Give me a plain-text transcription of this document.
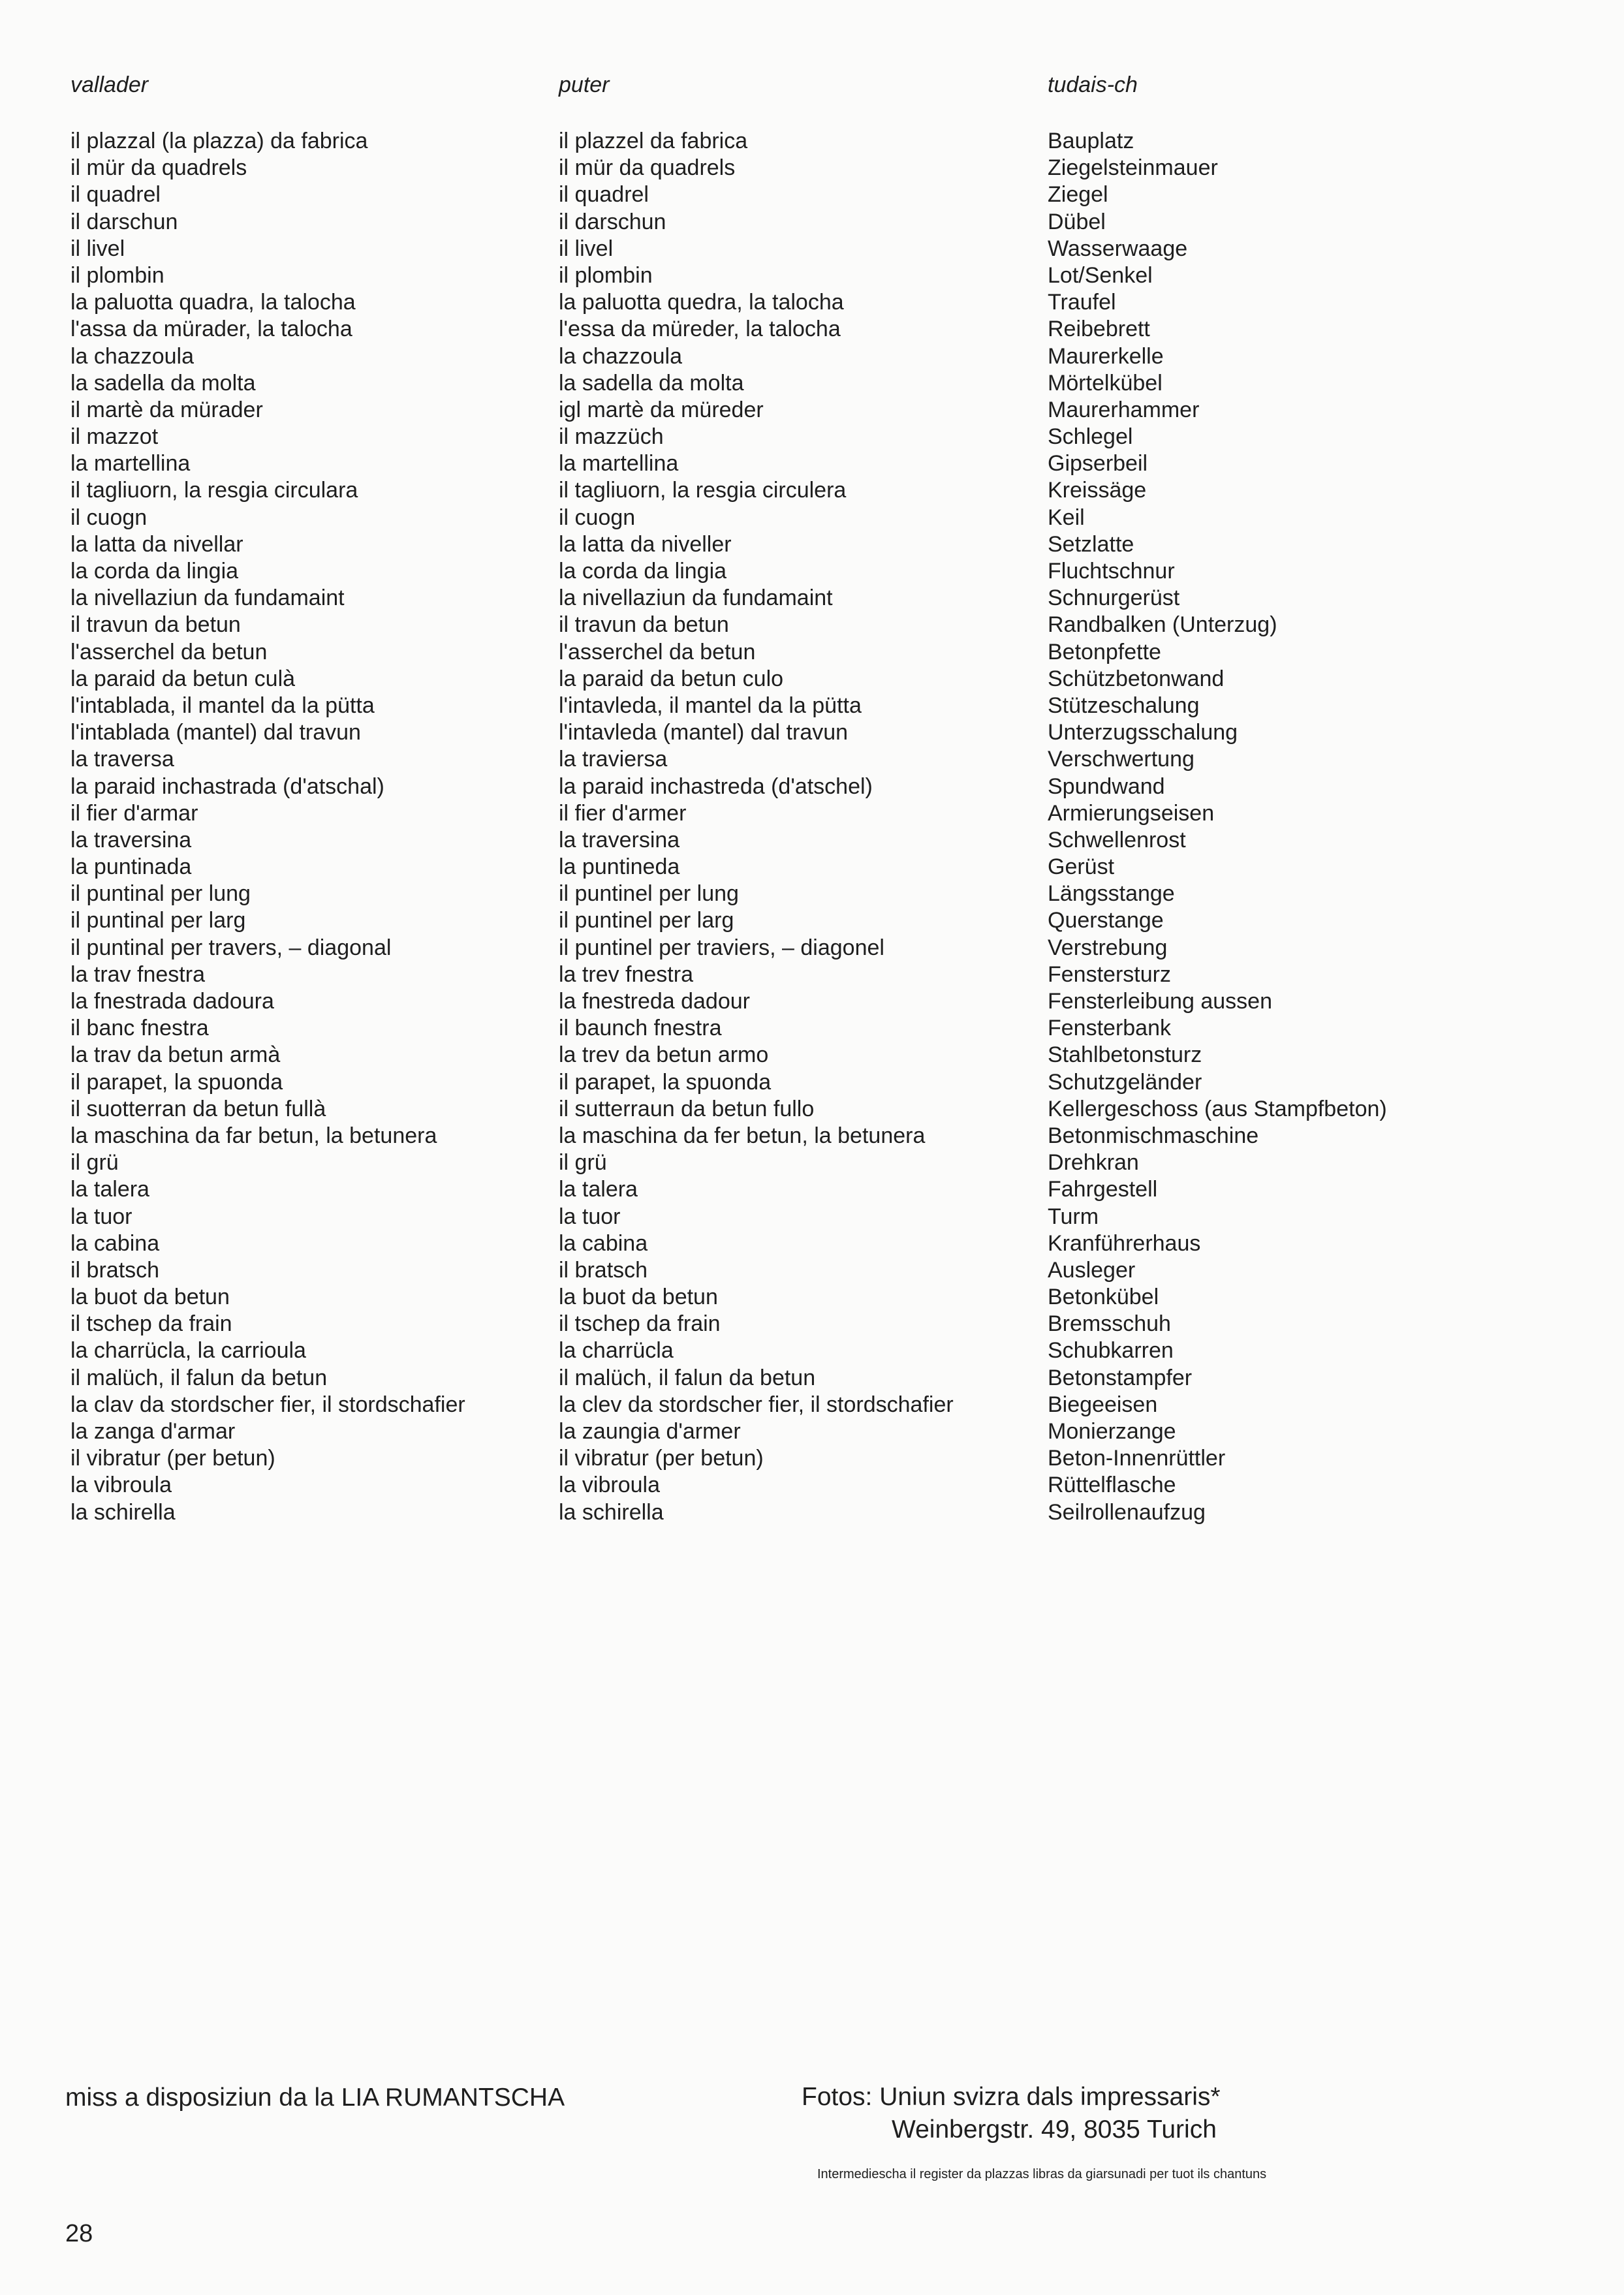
vallader
il plazzal (la plazza) da fabrica
il mür da quadrels
il quadrel
il darschun
il livel
il plombin
la paluotta quadra, la talocha
l'assa da mürader, la talocha
la chazzoula
la sadella da molta
il martè da mürader
il mazzot
la martellina
il tagliuorn, la resgia circulara
il cuogn
la latta da nivellar
la corda da lingia
la nivellaziun da fundamaint
il travun da betun
l'asserchel da betun
la paraid da betun culà
l'intablada, il mantel da la pütta
l'intablada (mantel) dal travun
la traversa
la paraid inchastrada (d'atschal)
il fier d'armar
la traversina
la puntinada
il puntinal per lung
il puntinal per larg
il puntinal per travers, – diagonal
la trav fnestra
la fnestrada dadoura
il banc fnestra
la trav da betun armà
il parapet, la spuonda
il suotterran da betun fullà
la maschina da far betun, la betunera
il grü
la talera
la tuor
la cabina
il bratsch
la buot da betun
il tschep da frain
la charrücla, la carrioula
il malüch, il falun da betun
la clav da stordscher fier, il stordschafier
la zanga d'armar
il vibratur (per betun)
la vibroula
la schirella
puter
il plazzel da fabrica
il mür da quadrels
il quadrel
il darschun
il livel
il plombin
la paluotta quedra, la talocha
l'essa da müreder, la talocha
la chazzoula
la sadella da molta
igl martè da müreder
il mazzüch
la martellina
il tagliuorn, la resgia circulera
il cuogn
la latta da niveller
la corda da lingia
la nivellaziun da fundamaint
il travun da betun
l'asserchel da betun
la paraid da betun culo
l'intavleda, il mantel da la pütta
l'intavleda (mantel) dal travun
la traviersa
la paraid inchastreda (d'atschel)
il fier d'armer
la traversina
la puntineda
il puntinel per lung
il puntinel per larg
il puntinel per traviers, – diagonel
la trev fnestra
la fnestreda dadour
il baunch fnestra
la trev da betun armo
il parapet, la spuonda
il sutterraun da betun fullo
la maschina da fer betun, la betunera
il grü
la talera
la tuor
la cabina
il bratsch
la buot da betun
il tschep da frain
la charrücla
il malüch, il falun da betun
la clev da stordscher fier, il stordschafier
la zaungia d'armer
il vibratur (per betun)
la vibroula
la schirella
tudais-ch
Bauplatz
Ziegelsteinmauer
Ziegel
Dübel
Wasserwaage
Lot/Senkel
Traufel
Reibebrett
Maurerkelle
Mörtelkübel
Maurerhammer
Schlegel
Gipserbeil
Kreissäge
Keil
Setzlatte
Fluchtschnur
Schnurgerüst
Randbalken (Unterzug)
Betonpfette
Schützbetonwand
Stützeschalung
Unterzugsschalung
Verschwertung
Spundwand
Armierungseisen
Schwellenrost
Gerüst
Längsstange
Querstange
Verstrebung
Fenstersturz
Fensterleibung aussen
Fensterbank
Stahlbetonsturz
Schutzgeländer
Kellergeschoss (aus Stampfbeton)
Betonmischmaschine
Drehkran
Fahrgestell
Turm
Kranführerhaus
Ausleger
Betonkübel
Bremsschuh
Schubkarren
Betonstampfer
Biegeeisen
Monierzange
Beton-Innenrüttler
Rüttelflasche
Seilrollenaufzug
miss a disposiziun da la LIA RUMANTSCHA	Fotos: Uniun svizra dals impressaris*
Weinbergstr. 49, 8035 Turich
Intermediescha il register da plazzas libras da giarsunadi per tuot ils chantuns
28
